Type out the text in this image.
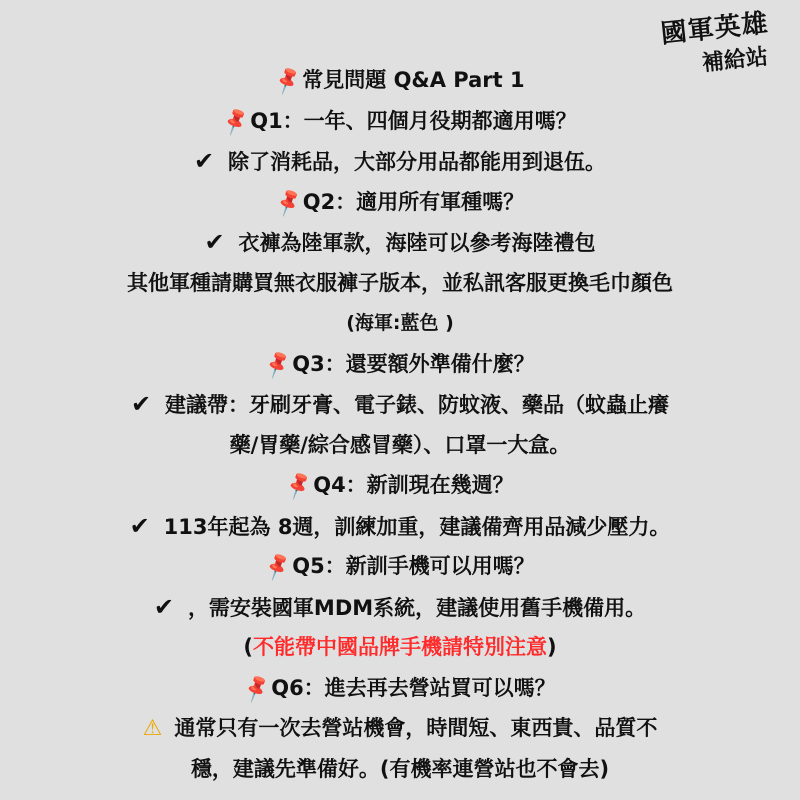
國軍英雄
補給站
📌常見問題 Q&A Part 1
📌Q1：一年、四個月役期都適用嗎？
✔ 除了消耗品，大部分用品都能用到退伍。
📌Q2：適用所有軍種嗎？
✔ 衣褲為陸軍款，海陸可以參考海陸禮包
其他軍種請購買無衣服褲子版本，並私訊客服更換毛巾顏色
(海軍:藍色 )
📌Q3：還要額外準備什麼？
✔ 建議帶：牙刷牙膏、電子錶、防蚊液、藥品（蚊蟲止癢
藥/胃藥/綜合感冒藥）、口罩一大盒。
📌Q4：新訓現在幾週？
✔ 113年起為 8週，訓練加重，建議備齊用品減少壓力。
📌Q5：新訓手機可以用嗎？
✔ ，需安裝國軍MDM系統，建議使用舊手機備用。
(不能帶中國品牌手機請特別注意)
📌Q6：進去再去營站買可以嗎？
⚠ 通常只有一次去營站機會，時間短、東西貴、品質不
穩，建議先準備好。(有機率連營站也不會去)
